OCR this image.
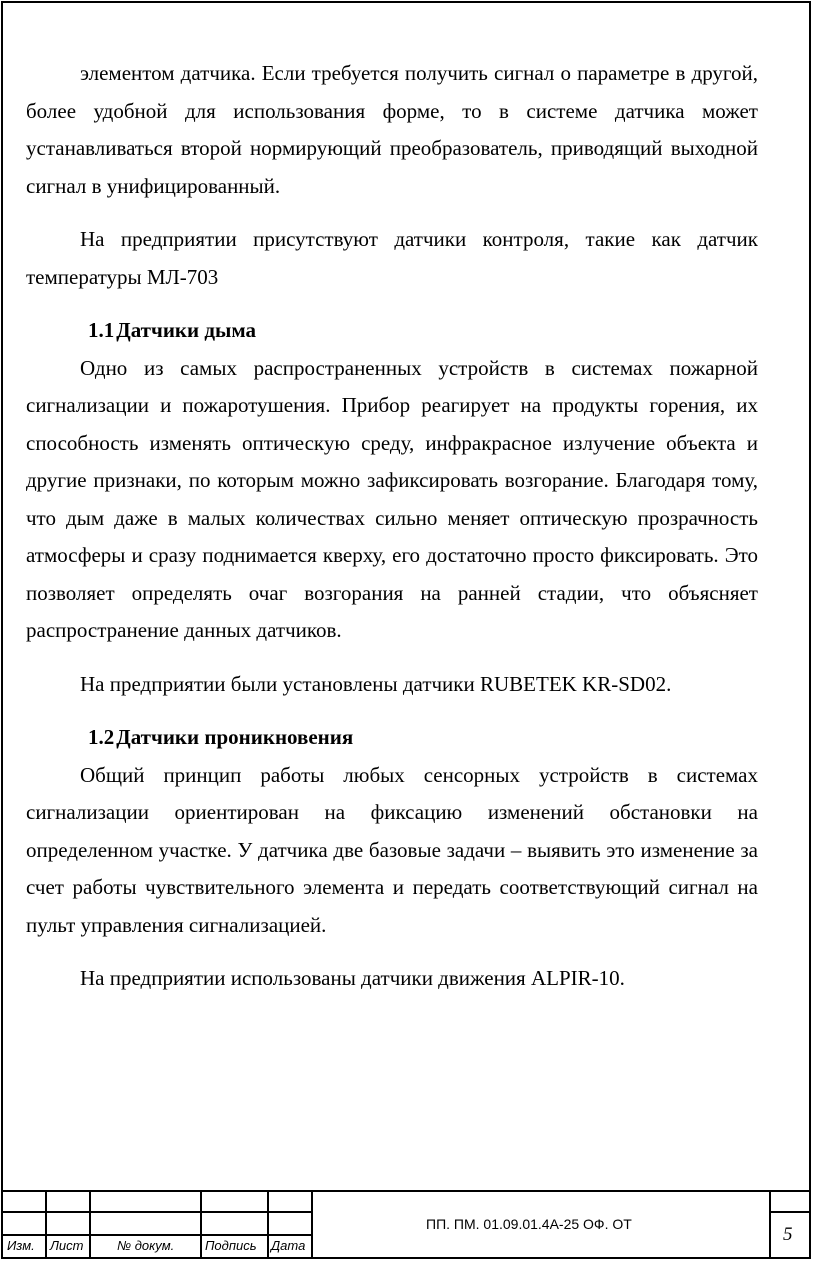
элементом датчика. Если требуется получить сигнал о параметре в другой, более удобной для использования форме, то в системе датчика может устанавливаться второй нормирующий преобразователь, приводящий выходной сигнал в унифицированный.

На предприятии присутствуют датчики контроля, такие как датчик температуры МЛ-703

1.1Датчики дыма

Одно из самых распространенных устройств в системах пожарной сигнализации и пожаротушения. Прибор реагирует на продукты горения, их способность изменять оптическую среду, инфракрасное излучение объекта и другие признаки, по которым можно зафиксировать возгорание. Благодаря тому, что дым даже в малых количествах сильно меняет оптическую прозрачность атмосферы и сразу поднимается кверху, его достаточно просто фиксировать. Это позволяет определять очаг возгорания на ранней стадии, что объясняет распространение данных датчиков.

На предприятии были установлены датчики RUBETEK KR-SD02.

1.2Датчики проникновения

Общий принцип работы любых сенсорных устройств в системах сигнализации ориентирован на фиксацию изменений обстановки на определенном участке. У датчика две базовые задачи – выявить это изменение за счет работы чувствительного элемента и передать соответствующий сигнал на пульт управления сигнализацией.

На предприятии использованы датчики движения ALPIR-10.

Изм. Лист	№ докум. Подпись Дата
ПП. ПМ. 01.09.01.4А-25 ОФ. ОТ	5
